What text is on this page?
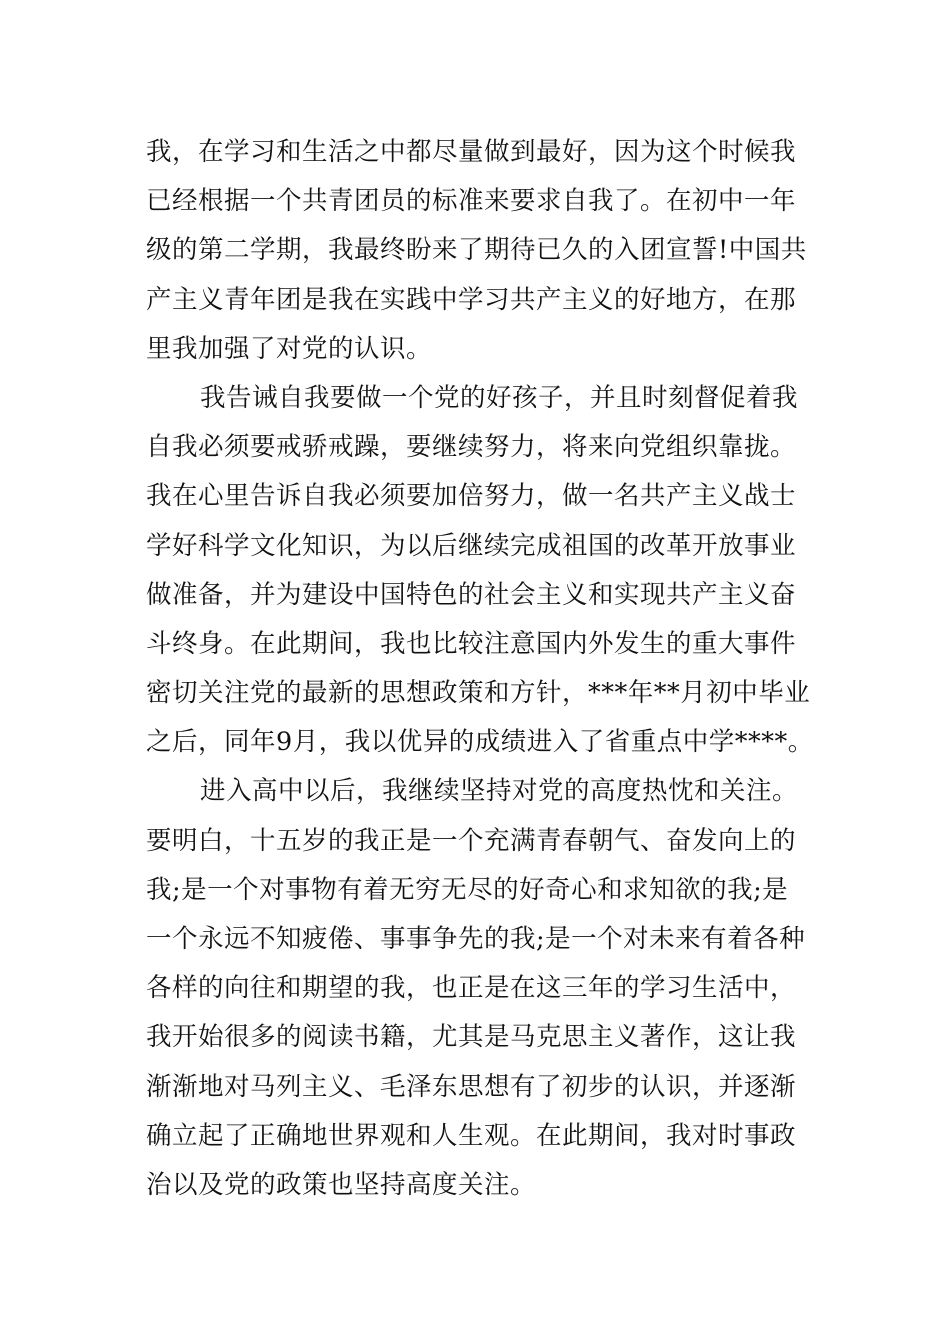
我，在学习和生活之中都尽量做到最好，因为这个时候我
已经根据一个共青团员的标准来要求自我了。在初中一年
级的第二学期，我最终盼来了期待已久的入团宣誓!中国共
产主义青年团是我在实践中学习共产主义的好地方，在那
里我加强了对党的认识。
我告诫自我要做一个党的好孩子，并且时刻督促着我
自我必须要戒骄戒躁，要继续努力，将来向党组织靠拢。
我在心里告诉自我必须要加倍努力，做一名共产主义战士
学好科学文化知识，为以后继续完成祖国的改革开放事业
做准备，并为建设中国特色的社会主义和实现共产主义奋
斗终身。在此期间，我也比较注意国内外发生的重大事件
密切关注党的最新的思想政策和方针，***年**月初中毕业
之后，同年9月，我以优异的成绩进入了省重点中学****。
进入高中以后，我继续坚持对党的高度热忱和关注。
要明白，十五岁的我正是一个充满青春朝气、奋发向上的
我;是一个对事物有着无穷无尽的好奇心和求知欲的我;是
一个永远不知疲倦、事事争先的我;是一个对未来有着各种
各样的向往和期望的我，也正是在这三年的学习生活中，
我开始很多的阅读书籍，尤其是马克思主义著作，这让我
渐渐地对马列主义、毛泽东思想有了初步的认识，并逐渐
确立起了正确地世界观和人生观。在此期间，我对时事政
治以及党的政策也坚持高度关注。
